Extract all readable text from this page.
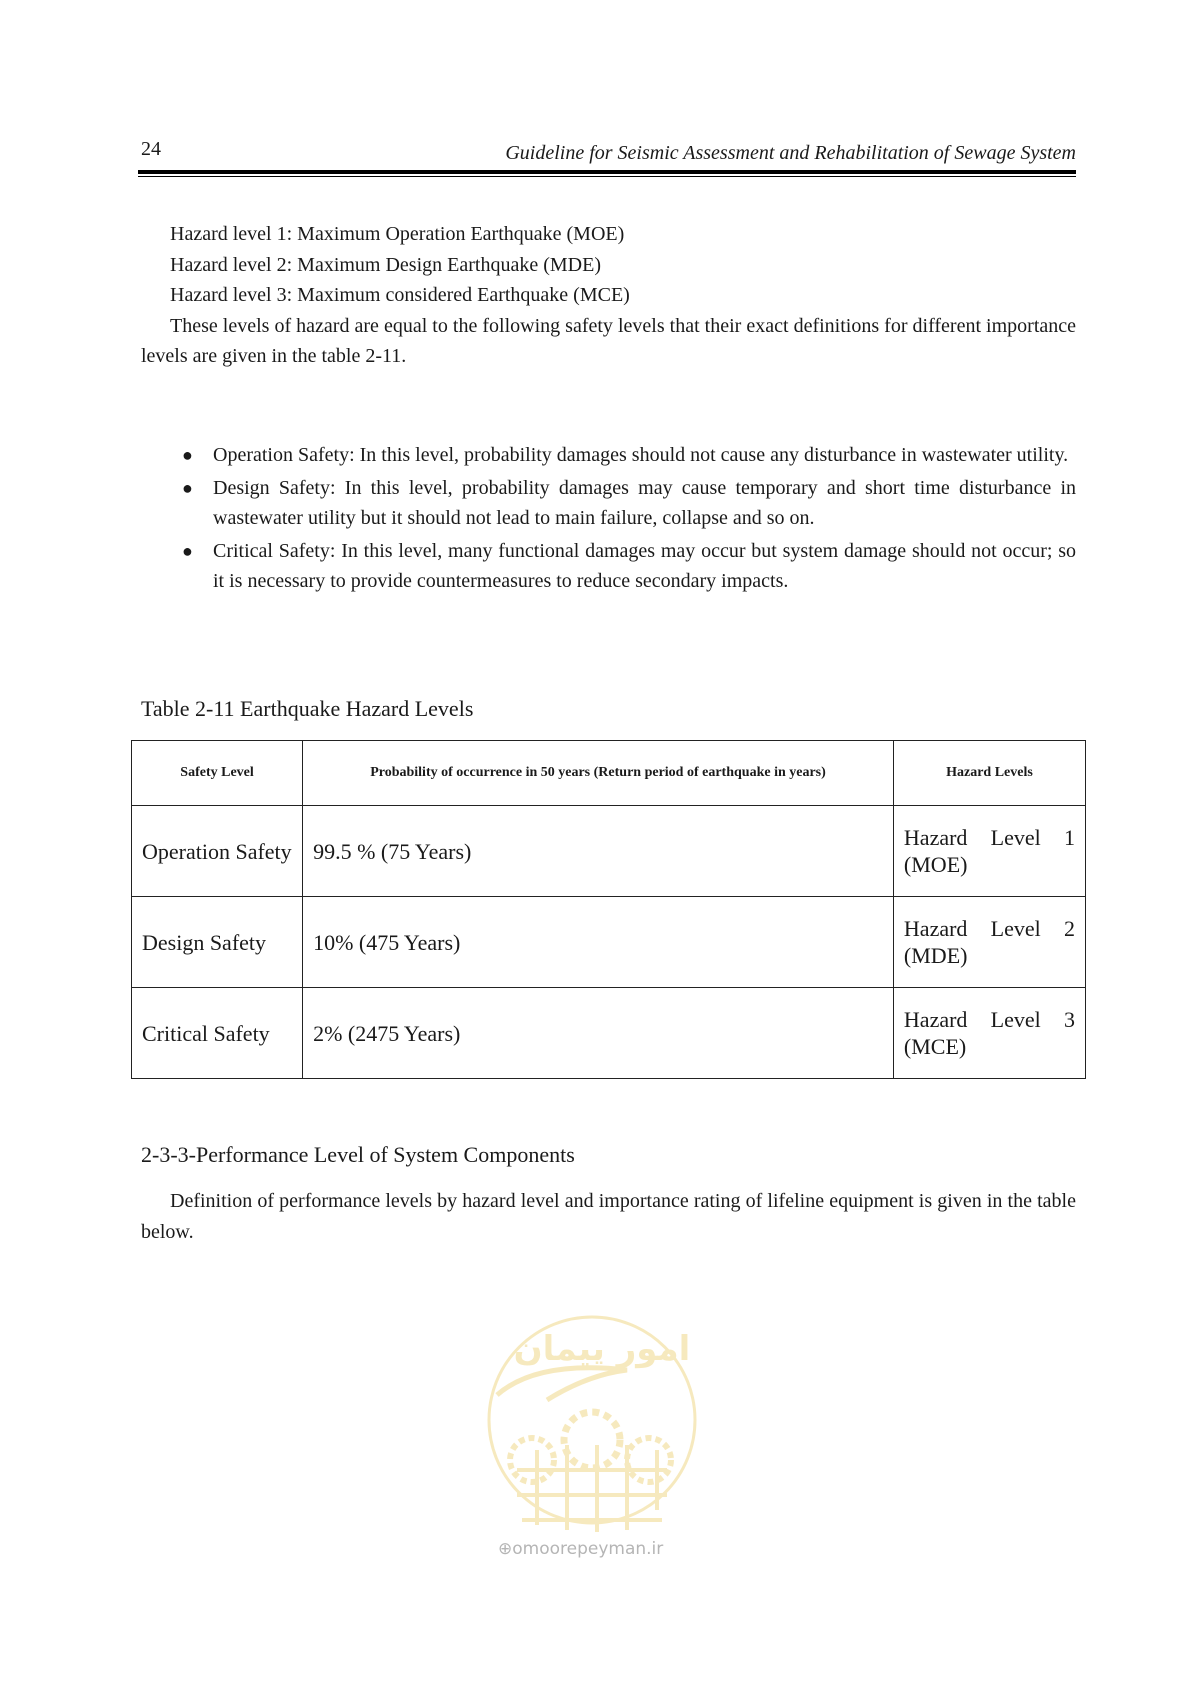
24	Guideline for Seismic Assessment and Rehabilitation of Sewage System
Hazard level 1: Maximum Operation Earthquake (MOE)
Hazard level 2: Maximum Design Earthquake (MDE)
Hazard level 3: Maximum considered Earthquake (MCE)

These levels of hazard are equal to the following safety levels that their exact definitions for different importance levels are given in the table 2-11.

● Operation Safety: In this level, probability damages should not cause any disturbance in wastewater utility.
● Design Safety: In this level, probability damages may cause temporary and short time disturbance in wastewater utility but it should not lead to main failure, collapse and so on.
● Critical Safety: In this level, many functional damages may occur but system damage should not occur; so it is necessary to provide countermeasures to reduce secondary impacts.
Table 2-11 Earthquake Hazard Levels
Safety Level	Probability of occurrence in 50 years (Return period of earthquake in years)	Hazard Levels
Operation Safety	99.5 % (75 Years)	Hazard Level 1 (MOE)
Design Safety	10% (475 Years)	Hazard Level 2 (MDE)
Critical Safety	2% (2475 Years)	Hazard Level 3 (MCE)
2-3-3-Performance Level of System Components

Definition of performance levels by hazard level and importance rating of lifeline equipment is given in the table below.

امور پیمان
⊕omoorepeyman.ir
